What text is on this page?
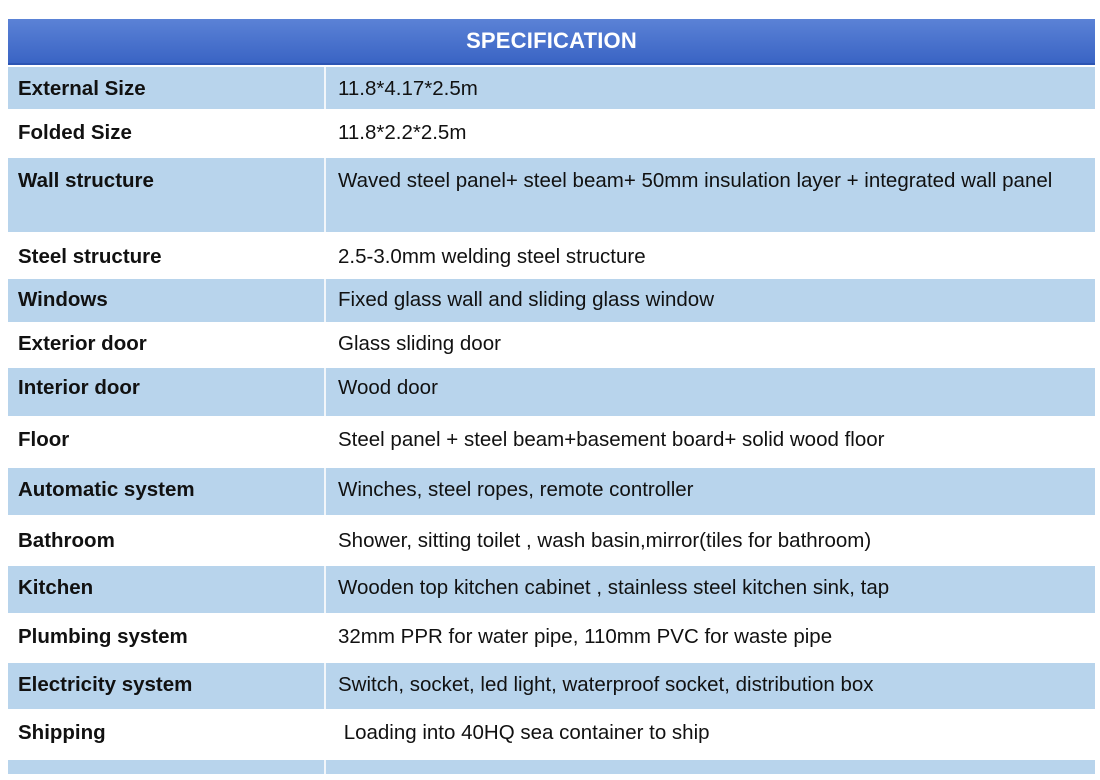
SPECIFICATION
External Size	11.8*4.17*2.5m
Folded Size	11.8*2.2*2.5m
Wall structure	Waved steel panel+ steel beam+ 50mm insulation layer + integrated wall panel
Steel structure	2.5-3.0mm welding steel structure
Windows	Fixed glass wall and sliding glass window
Exterior door	Glass sliding door
Interior door	Wood door
Floor	Steel panel + steel beam+basement board+ solid wood floor
Automatic system	Winches, steel ropes, remote controller
Bathroom	Shower, sitting toilet , wash basin,mirror(tiles for bathroom)
Kitchen	Wooden top kitchen cabinet , stainless steel kitchen sink, tap
Plumbing system	32mm PPR for water pipe, 110mm PVC for waste pipe
Electricity system	Switch, socket, led light, waterproof socket, distribution box
Shipping	Loading into 40HQ sea container to ship
